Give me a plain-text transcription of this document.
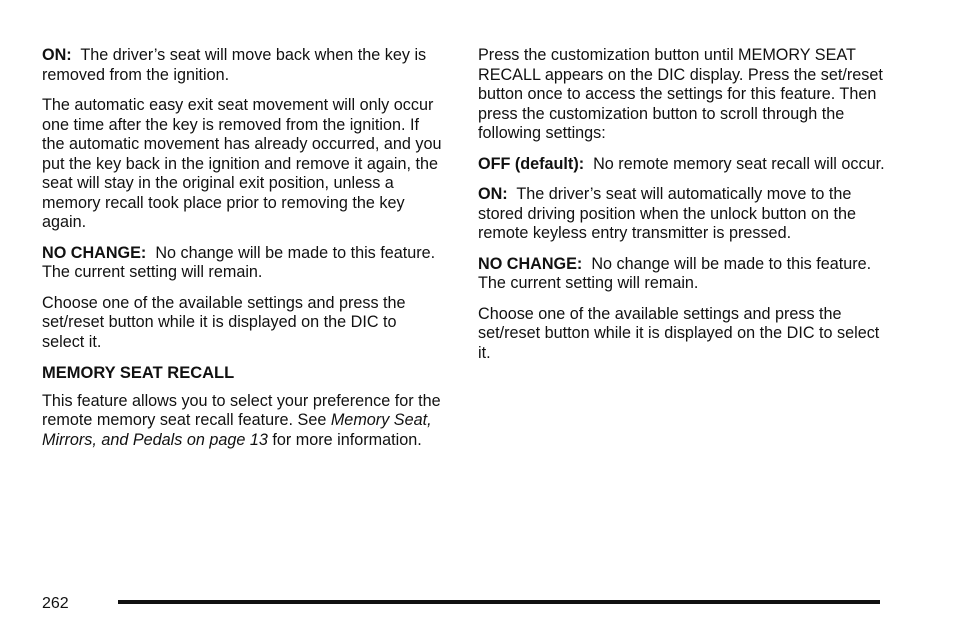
ON: The driver’s seat will move back when the key is removed from the ignition.

The automatic easy exit seat movement will only occur one time after the key is removed from the ignition. If the automatic movement has already occurred, and you put the key back in the ignition and remove it again, the seat will stay in the original exit position, unless a memory recall took place prior to removing the key again.

NO CHANGE: No change will be made to this feature. The current setting will remain.

Choose one of the available settings and press the set/reset button while it is displayed on the DIC to select it.

MEMORY SEAT RECALL

This feature allows you to select your preference for the remote memory seat recall feature. See Memory Seat, Mirrors, and Pedals on page 13 for more information.

Press the customization button until MEMORY SEAT RECALL appears on the DIC display. Press the set/reset button once to access the settings for this feature. Then press the customization button to scroll through the following settings:

OFF (default): No remote memory seat recall will occur.

ON: The driver’s seat will automatically move to the stored driving position when the unlock button on the remote keyless entry transmitter is pressed.

NO CHANGE: No change will be made to this feature. The current setting will remain.

Choose one of the available settings and press the set/reset button while it is displayed on the DIC to select it.

262
